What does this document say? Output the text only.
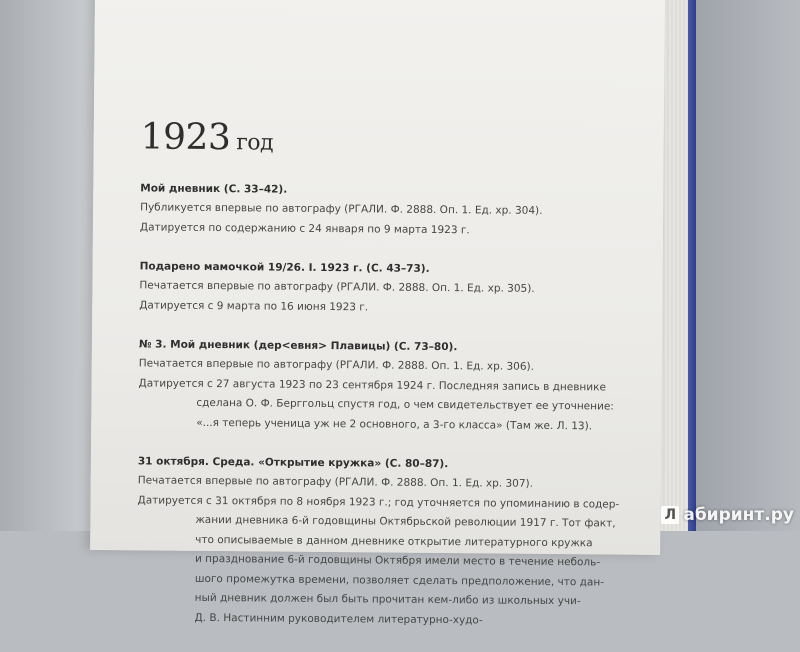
1923 год
Мой дневник (С. 33–42).
Публикуется впервые по автографу (РГАЛИ. Ф. 2888. Оп. 1. Ед. хр. 304).
Датируется по содержанию с 24 января по 9 марта 1923 г.
Подарено мамочкой 19/26. I. 1923 г. (С. 43–73).
Печатается впервые по автографу (РГАЛИ. Ф. 2888. Оп. 1. Ед. хр. 305).
Датируется с 9 марта по 16 июня 1923 г.
№ 3. Мой дневник (дер<евня> Плавицы) (С. 73–80).
Печатается впервые по автографу (РГАЛИ. Ф. 2888. Оп. 1. Ед. хр. 306).
Датируется с 27 августа 1923 по 23 сентября 1924 г. Последняя запись в дневнике
сделана О. Ф. Берггольц спустя год, о чем свидетельствует ее уточнение:
«...я теперь ученица уж не 2 основного, а 3-го класса» (Там же. Л. 13).
31 октября. Среда. «Открытие кружка» (С. 80–87).
Печатается впервые по автографу (РГАЛИ. Ф. 2888. Оп. 1. Ед. хр. 307).
Датируется с 31 октября по 8 ноября 1923 г.; год уточняется по упоминанию в содер-
жании дневника 6-й годовщины Октябрьской революции 1917 г. Тот факт,
что описываемые в данном дневнике открытие литературного кружка
и празднование 6-й годовщины Октября имели место в течение неболь-
шого промежутка времени, позволяет сделать предположение, что дан-
ный дневник должен был быть прочитан кем-либо из школьных учи-
Д. В. Настинним руководителем литературно-худо-
Л абиринт.ру
